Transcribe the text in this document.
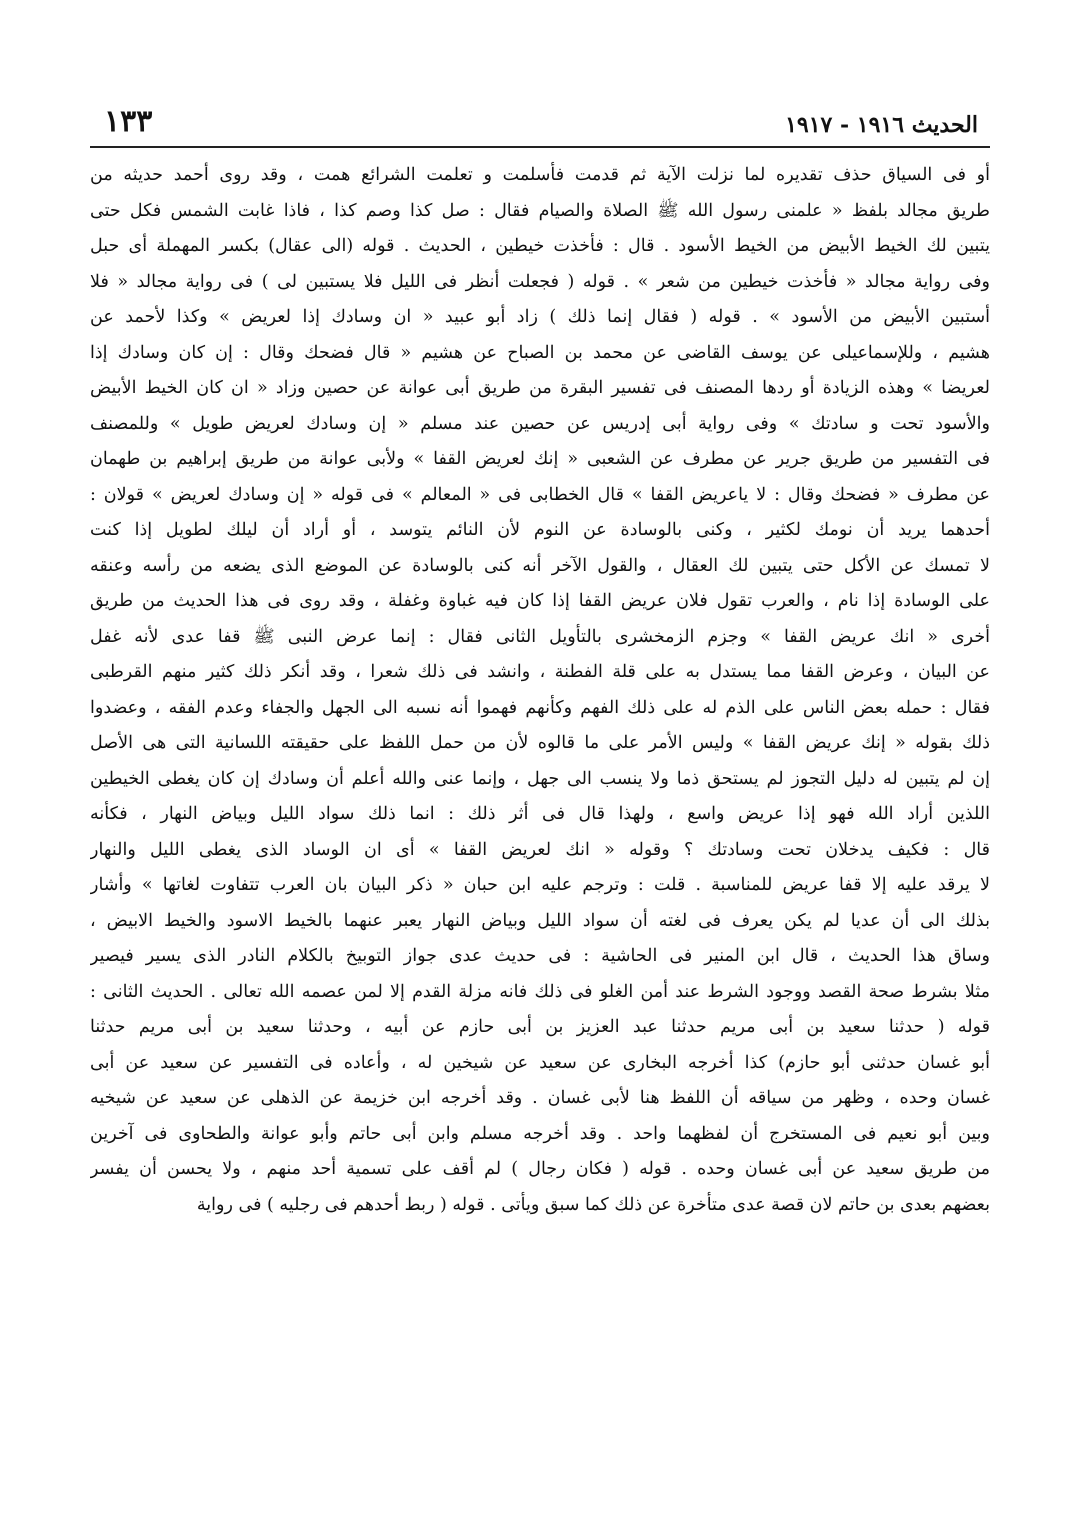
الحديث ١٩١٦ - ١٩١٧
١٣٣
أو فى السياق حذف تقديره لما نزلت الآية ثم قدمت فأسلمت و تعلمت الشرائع همت ، وقد روى أحمد حديثه من
طريق مجالد بلفظ « علمنى رسول الله ﷺ الصلاة والصيام فقال : صل كذا وصم كذا ، فاذا غابت الشمس فكل حتى
يتبين لك الخيط الأبيض من الخيط الأسود . قال : فأخذت خيطين ، الحديث . قوله (الى عقال) بكسر المهملة أى حبل
وفى رواية مجالد « فأخذت خيطين من شعر » . قوله ( فجعلت أنظر فى الليل فلا يستبين لى ) فى رواية مجالد « فلا
أستبين الأبيض من الأسود » . قوله ( فقال إنما ذلك ) زاد أبو عبيد « ان وسادك إذا لعريض » وكذا لأحمد عن
هشيم ، وللإسماعيلى عن يوسف القاضى عن محمد بن الصباح عن هشيم « قال فضحك وقال : إن كان وسادك إذا
لعريضا » وهذه الزيادة أو ردها المصنف فى تفسير البقرة من طريق أبى عوانة عن حصين وزاد « ان كان الخيط الأبيض
والأسود تحت و سادتك » وفى رواية أبى إدريس عن حصين عند مسلم « إن وسادك لعريض طويل » وللمصنف
فى التفسير من طريق جرير عن مطرف عن الشعبى « إنك لعريض القفا » ولأبى عوانة من طريق إبراهيم بن طهمان
عن مطرف « فضحك وقال : لا ياعريض القفا » قال الخطابى فى « المعالم » فى قوله « إن وسادك لعريض » قولان :
أحدهما يريد أن نومك لكثير ، وكنى بالوسادة عن النوم لأن النائم يتوسد ، أو أراد أن ليلك لطويل إذا كنت
لا تمسك عن الأكل حتى يتبين لك العقال ، والقول الآخر أنه كنى بالوسادة عن الموضع الذى يضعه من رأسه وعنقه
على الوسادة إذا نام ، والعرب تقول فلان عريض القفا إذا كان فيه غباوة وغفلة ، وقد روى فى هذا الحديث من طريق
أخرى « انك عريض القفا » وجزم الزمخشرى بالتأويل الثانى فقال : إنما عرض النبى ﷺ قفا عدى لأنه غفل
عن البيان ، وعرض القفا مما يستدل به على قلة الفطنة ، وانشد فى ذلك شعرا ، وقد أنكر ذلك كثير منهم القرطبى
فقال : حمله بعض الناس على الذم له على ذلك الفهم وكأنهم فهموا أنه نسبه الى الجهل والجفاء وعدم الفقه ، وعضدوا
ذلك بقوله « إنك عريض القفا » وليس الأمر على ما قالوه لأن من حمل اللفظ على حقيقته اللسانية التى هى الأصل
إن لم يتبين له دليل التجوز لم يستحق ذما ولا ينسب الى جهل ، وإنما عنى والله أعلم أن وسادك إن كان يغطى الخيطين
اللذين أراد الله فهو إذا عريض واسع ، ولهذا قال فى أثر ذلك : انما ذلك سواد الليل وبياض النهار ، فكأنه
قال : فكيف يدخلان تحت وسادتك ؟ وقوله « انك لعريض القفا » أى ان الوساد الذى يغطى الليل والنهار
لا يرقد عليه إلا قفا عريض للمناسبة . قلت : وترجم عليه ابن حبان « ذكر البيان بان العرب تتفاوت لغاتها » وأشار
بذلك الى أن عديا لم يكن يعرف فى لغته أن سواد الليل وبياض النهار يعبر عنهما بالخيط الاسود والخيط الابيض ،
وساق هذا الحديث ، قال ابن المنير فى الحاشية : فى حديث عدى جواز التوبيخ بالكلام النادر الذى يسير فيصير
مثلا بشرط صحة القصد ووجود الشرط عند أمن الغلو فى ذلك فانه مزلة القدم إلا لمن عصمه الله تعالى . الحديث الثانى :
قوله ( حدثنا سعيد بن أبى مريم حدثنا عبد العزيز بن أبى حازم عن أبيه ، وحدثنا سعيد بن أبى مريم حدثنا
أبو غسان حدثنى أبو حازم) كذا أخرجه البخارى عن سعيد عن شيخين له ، وأعاده فى التفسير عن سعيد عن أبى
غسان وحده ، وظهر من سياقه أن اللفظ هنا لأبى غسان . وقد أخرجه ابن خزيمة عن الذهلى عن سعيد عن شيخيه
وبين أبو نعيم فى المستخرج أن لفظهما واحد . وقد أخرجه مسلم وابن أبى حاتم وأبو عوانة والطحاوى فى آخرين
من طريق سعيد عن أبى غسان وحده . قوله ( فكان رجال ) لم أقف على تسمية أحد منهم ، ولا يحسن أن يفسر
بعضهم بعدى بن حاتم لان قصة عدى متأخرة عن ذلك كما سبق ويأتى . قوله ( ربط أحدهم فى رجليه ) فى رواية
